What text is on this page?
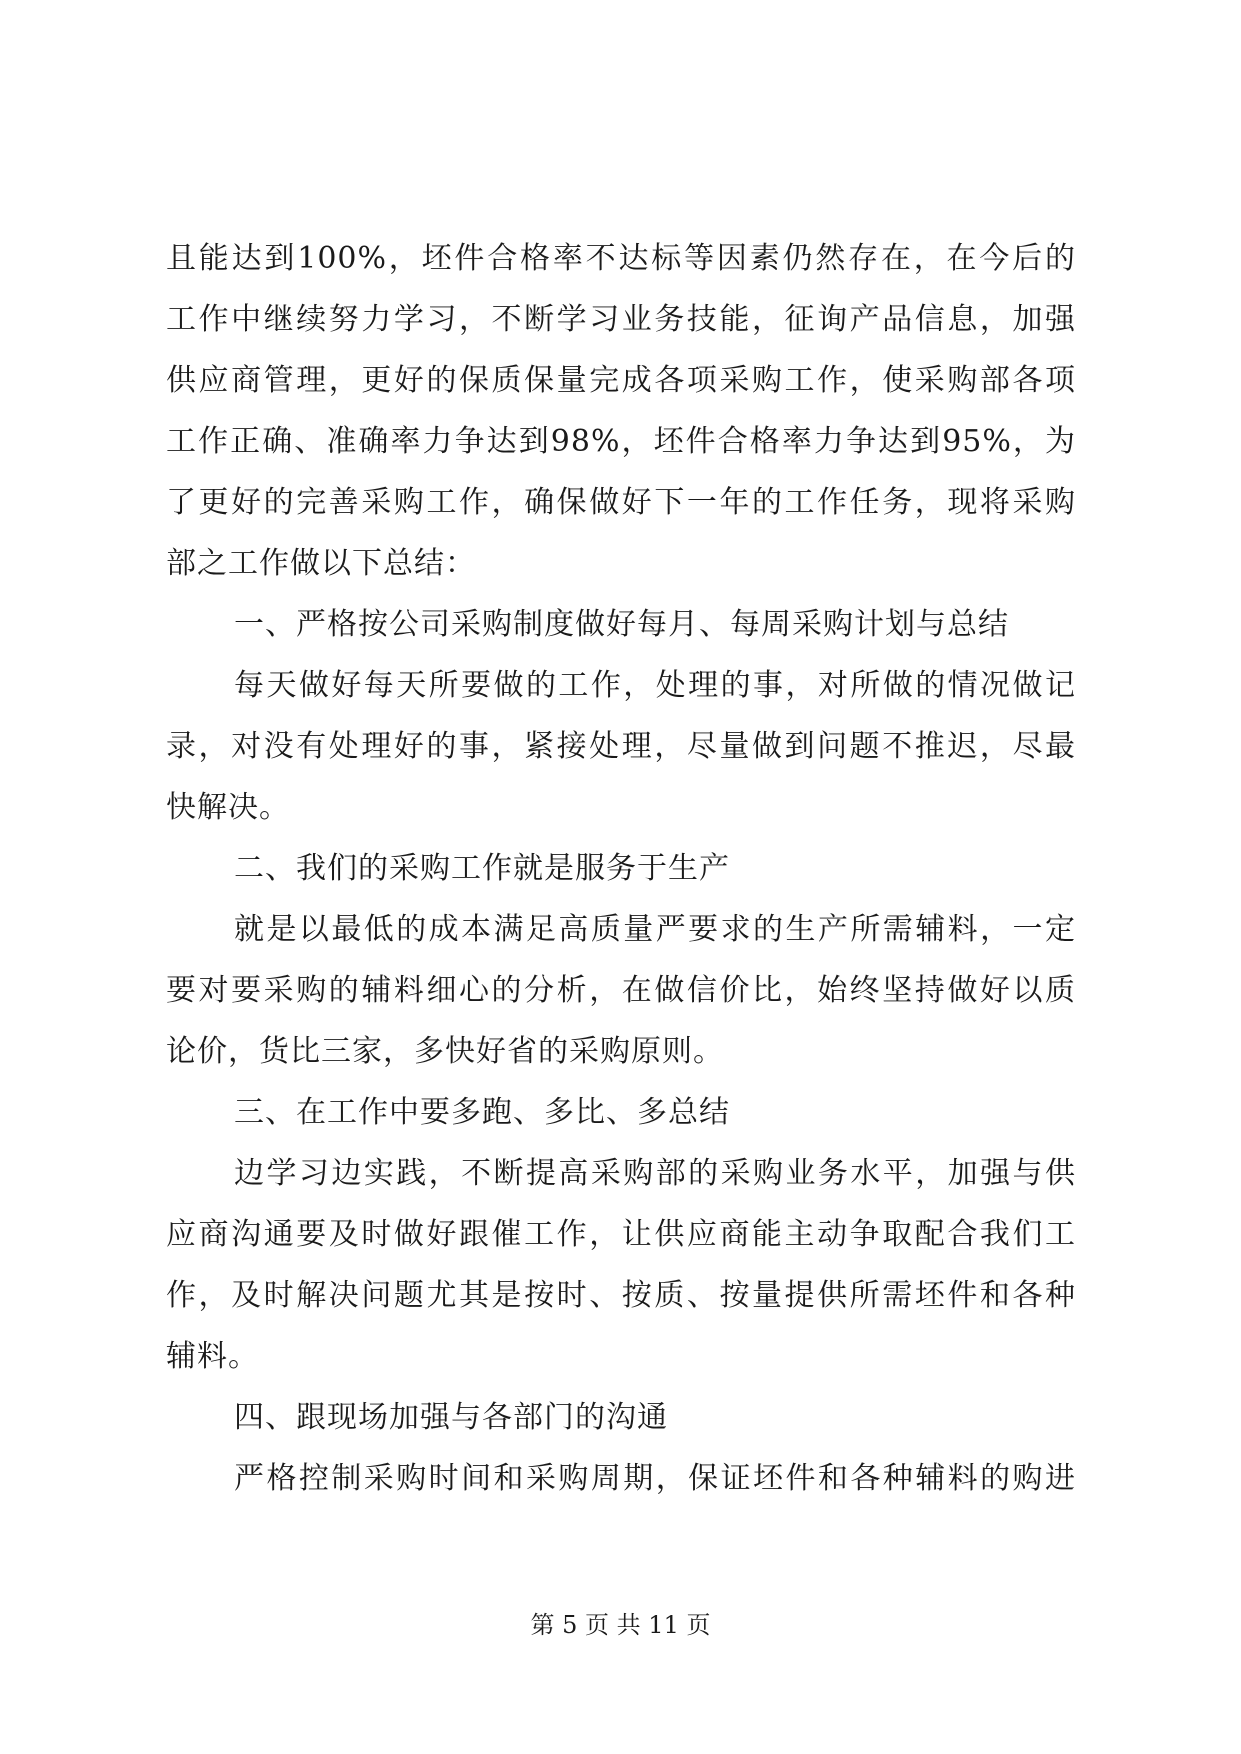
且能达到100%，坯件合格率不达标等因素仍然存在，在今后的
工作中继续努力学习，不断学习业务技能，征询产品信息，加强
供应商管理，更好的保质保量完成各项采购工作，使采购部各项
工作正确、准确率力争达到98%，坯件合格率力争达到95%，为
了更好的完善采购工作，确保做好下一年的工作任务，现将采购
部之工作做以下总结：
一、严格按公司采购制度做好每月、每周采购计划与总结
每天做好每天所要做的工作，处理的事，对所做的情况做记
录，对没有处理好的事，紧接处理，尽量做到问题不推迟，尽最
快解决。
二、我们的采购工作就是服务于生产
就是以最低的成本满足高质量严要求的生产所需辅料，一定
要对要采购的辅料细心的分析，在做信价比，始终坚持做好以质
论价，货比三家，多快好省的采购原则。
三、在工作中要多跑、多比、多总结
边学习边实践，不断提高采购部的采购业务水平，加强与供
应商沟通要及时做好跟催工作，让供应商能主动争取配合我们工
作，及时解决问题尤其是按时、按质、按量提供所需坯件和各种
辅料。
四、跟现场加强与各部门的沟通
严格控制采购时间和采购周期，保证坯件和各种辅料的购进
第 5 页 共 11 页
